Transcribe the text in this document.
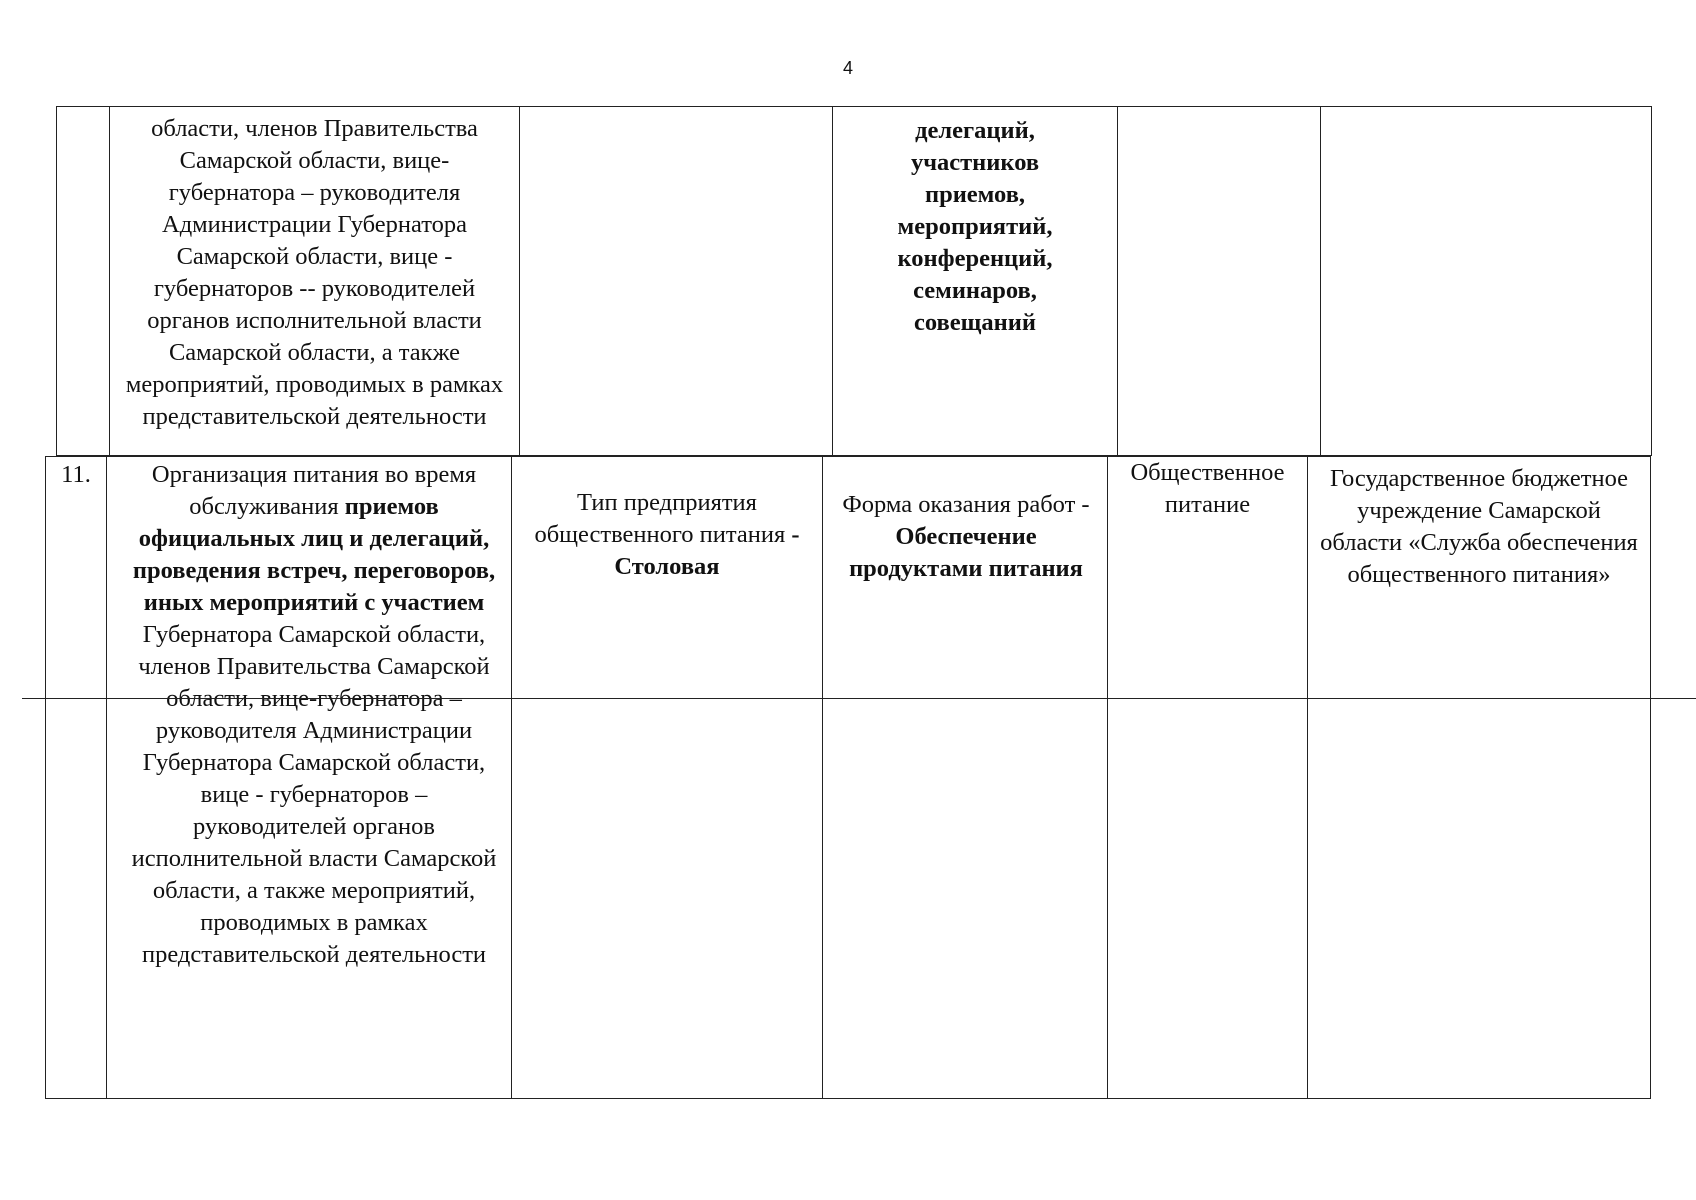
4
	области, членов Правительства Самарской области, вице-губернатора – руководителя Администрации Губернатора Самарской области, вице - губернаторов -- руководителей органов исполнительной власти Самарской области, а также мероприятий, проводимых в рамках представительской деятельности		делегаций, участников приемов, мероприятий, конференций, семинаров, совещаний		
11.	Организация питания во время обслуживания приемов официальных лиц и делегаций, проведения встреч, переговоров, иных мероприятий с участием Губернатора Самарской области, членов Правительства Самарской области, вице-губернатора – руководителя Администрации Губернатора Самарской области, вице - губернаторов – руководителей органов исполнительной власти Самарской области, а также мероприятий, проводимых в рамках представительской деятельности	Тип предприятия общественного питания - Столовая	Форма оказания работ - Обеспечение продуктами питания	Общественное питание	Государственное бюджетное учреждение Самарской области «Служба обеспечения общественного питания»
